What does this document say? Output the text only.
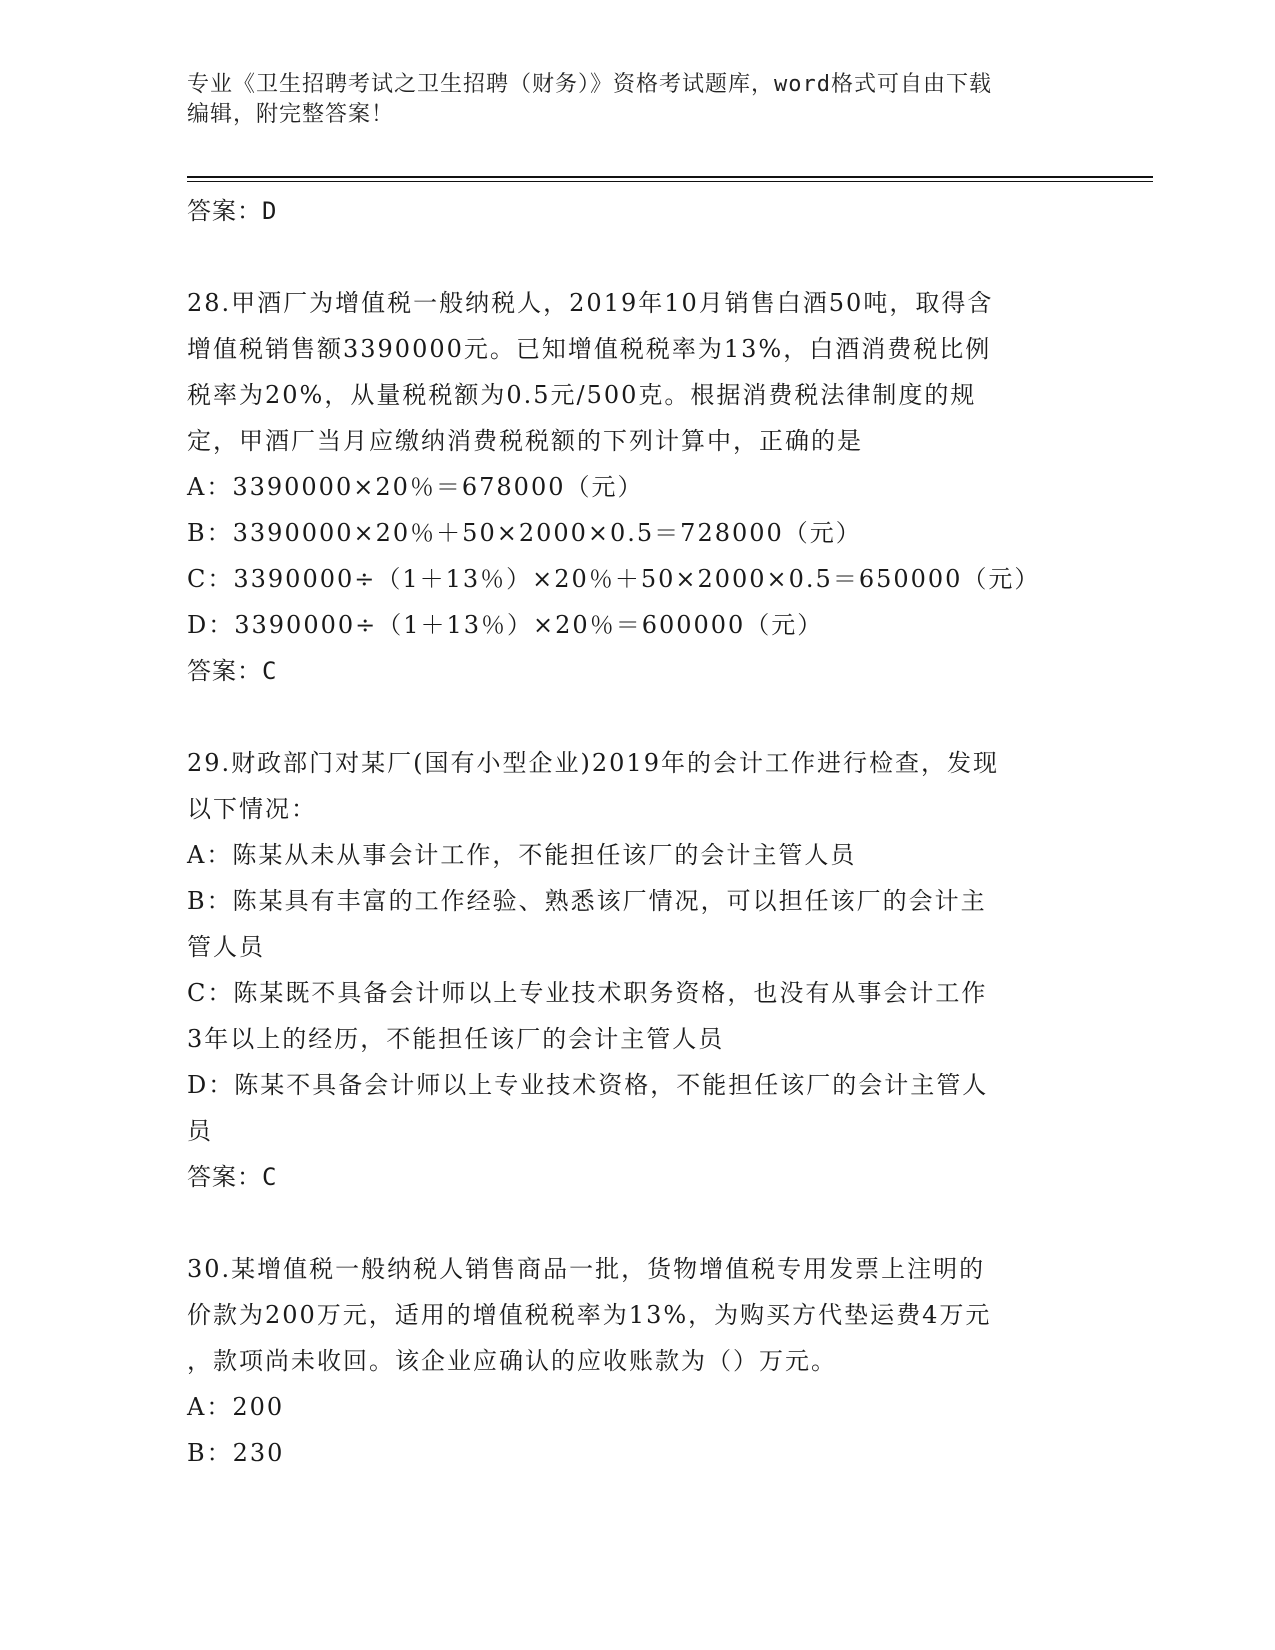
专业《卫生招聘考试之卫生招聘（财务）》资格考试题库，word格式可自由下载
编辑，附完整答案！
答案：D
28.甲酒厂为增值税一般纳税人，2019年10月销售白酒50吨，取得含
增值税销售额3390000元。已知增值税税率为13%，白酒消费税比例
税率为20%，从量税税额为0.5元/500克。根据消费税法律制度的规
定，甲酒厂当月应缴纳消费税税额的下列计算中，正确的是
A：3390000×20％＝678000（元）
B：3390000×20％＋50×2000×0.5＝728000（元）
C：3390000÷（1＋13％）×20％＋50×2000×0.5＝650000（元）
D：3390000÷（1＋13％）×20％＝600000（元）
答案：C
29.财政部门对某厂(国有小型企业)2019年的会计工作进行检查，发现
以下情况：
A：陈某从未从事会计工作，不能担任该厂的会计主管人员
B：陈某具有丰富的工作经验、熟悉该厂情况，可以担任该厂的会计主
管人员
C：陈某既不具备会计师以上专业技术职务资格，也没有从事会计工作
3年以上的经历，不能担任该厂的会计主管人员
D：陈某不具备会计师以上专业技术资格，不能担任该厂的会计主管人
员
答案：C
30.某增值税一般纳税人销售商品一批，货物增值税专用发票上注明的
价款为200万元，适用的增值税税率为13%，为购买方代垫运费4万元
，款项尚未收回。该企业应确认的应收账款为（）万元。
A：200
B：230
